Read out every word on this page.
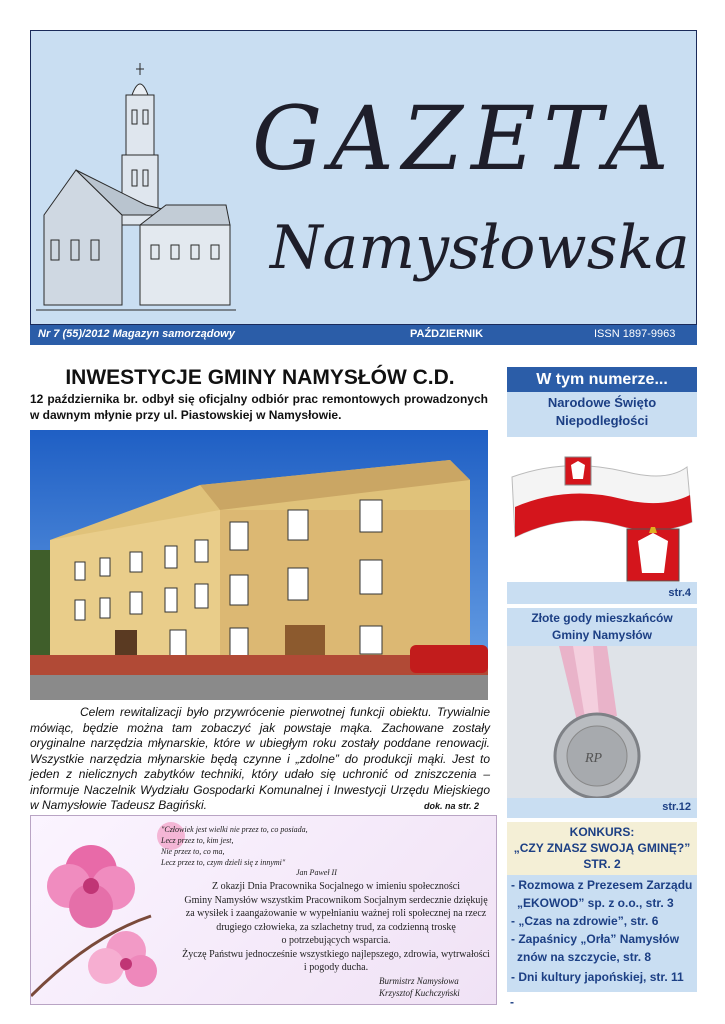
GAZETA
Namysłowska
Nr 7 (55)/2012 Magazyn samorządowy	PAŹDZIERNIK	ISSN 1897-9963
INWESTYCJE GMINY NAMYSŁÓW C.D.
12 października br. odbył się oficjalny odbiór prac remontowych prowadzonych w dawnym młynie przy ul. Piastowskiej w Namysłowie.
Celem rewitalizacji było przywrócenie pierwotnej funkcji obiektu. Trywialnie mówiąc, będzie można tam zobaczyć jak powstaje mąka. Zachowane zostały oryginalne narzędzia młynarskie, które w ubiegłym roku zostały poddane renowacji. Wszystkie narzędzia młynarskie będą czynne i „zdolne” do produkcji mąki. Jest to jeden z nielicznych zabytków techniki, który udało się uchronić od zniszczenia – informuje Naczelnik Wydziału Gospodarki Komunalnej i Inwestycji Urzędu Miejskiego w Namysłowie Tadeusz Bagiński.	dok. na str. 2
"Człowiek jest wielki nie przez to, co posiada,
Lecz przez to, kim jest,
Nie przez to, co ma,
Lecz przez to, czym dzieli się z innymi"
Jan Paweł II
Z okazji Dnia Pracownika Socjalnego w imieniu społeczności
Gminy Namysłów wszystkim Pracownikom Socjalnym serdecznie dziękuję
za wysiłek i zaangażowanie w wypełnianiu ważnej roli społecznej na rzecz
drugiego człowieka, za szlachetny trud, za codzienną troskę
o potrzebujących wsparcia.
Życzę Państwu jednocześnie wszystkiego najlepszego, zdrowia, wytrwałości
i pogody ducha.
Burmistrz Namysłowa
Krzysztof Kuchczyński
W tym numerze...
Narodowe Święto
Niepodległości
str.4
Złote gody mieszkańców
Gminy Namysłów
RP
str.12
KONKURS:
„CZY ZNASZ SWOJĄ GMINĘ?”
STR. 2
- Rozmowa z Prezesem Zarządu
„EKOWOD” sp. z o.o., str. 3
- „Czas na zdrowie”, str. 6
- Zapaśnicy „Orła” Namysłów
znów na szczycie, str. 8
- Dni kultury japońskiej, str. 11
-
